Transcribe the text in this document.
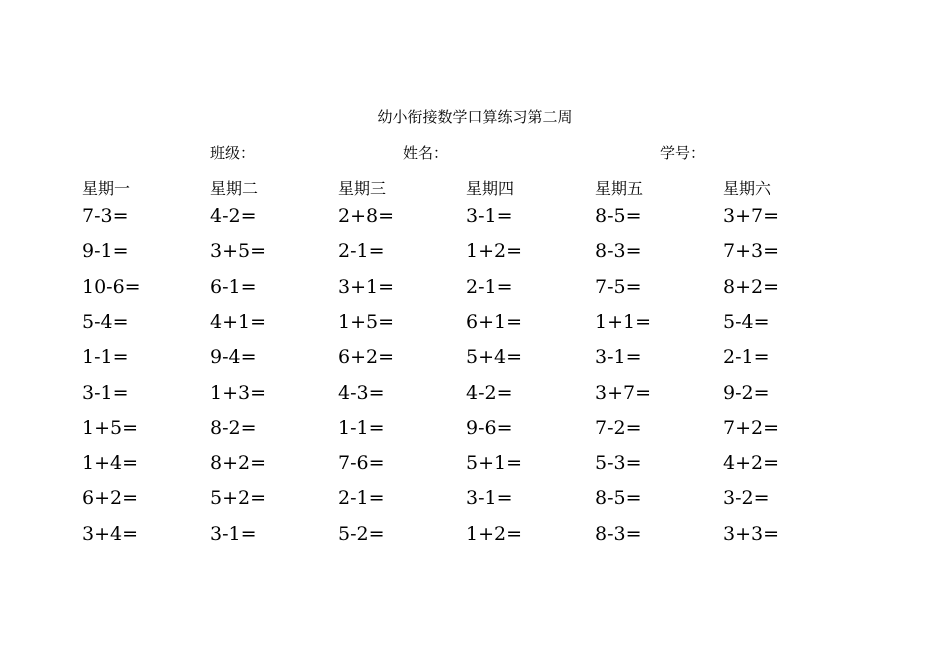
幼小衔接数学口算练习第二周
班级：	姓名：	学号：
星期一
7-3=
9-1=
10-6=
5-4=
1-1=
3-1=
1+5=
1+4=
6+2=
3+4=
星期二
4-2=
3+5=
6-1=
4+1=
9-4=
1+3=
8-2=
8+2=
5+2=
3-1=
星期三
2+8=
2-1=
3+1=
1+5=
6+2=
4-3=
1-1=
7-6=
2-1=
5-2=
星期四
3-1=
1+2=
2-1=
6+1=
5+4=
4-2=
9-6=
5+1=
3-1=
1+2=
星期五
8-5=
8-3=
7-5=
1+1=
3-1=
3+7=
7-2=
5-3=
8-5=
8-3=
星期六
3+7=
7+3=
8+2=
5-4=
2-1=
9-2=
7+2=
4+2=
3-2=
3+3=
